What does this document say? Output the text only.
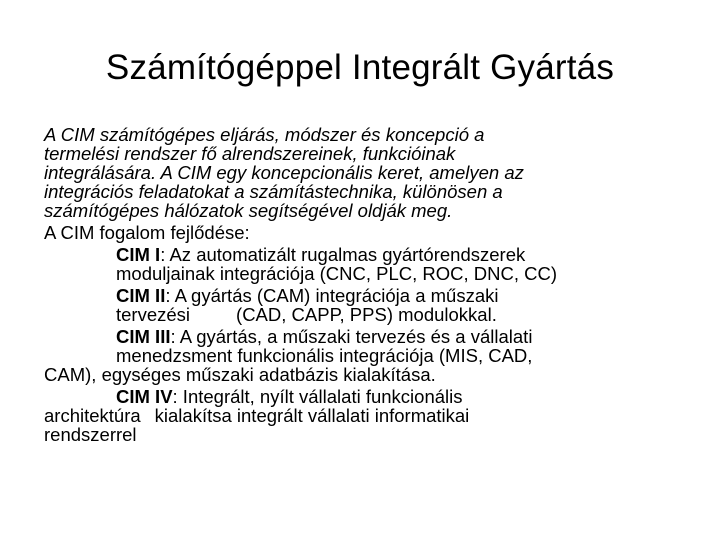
Számítógéppel Integrált Gyártás
A CIM számítógépes eljárás, módszer és koncepció a
termelési rendszer fő alrendszereinek, funkcióinak
integrálására. A CIM egy koncepcionális keret, amelyen az
integrációs feladatokat a számítástechnika, különösen a
számítógépes hálózatok segítségével oldják meg.
A CIM fogalom fejlődése:
CIM I: Az automatizált rugalmas gyártórendszerek
moduljainak integrációja (CNC, PLC, ROC, DNC, CC)
CIM II: A gyártás (CAM) integrációja a műszaki
tervezési (CAD, CAPP, PPS) modulokkal.
CIM III: A gyártás, a műszaki tervezés és a vállalati
menedzsment funkcionális integrációja (MIS, CAD,
CAM), egységes műszaki adatbázis kialakítása.
CIM IV: Integrált, nyílt vállalati funkcionális
architektúra kialakítsa integrált vállalati informatikai
rendszerrel
